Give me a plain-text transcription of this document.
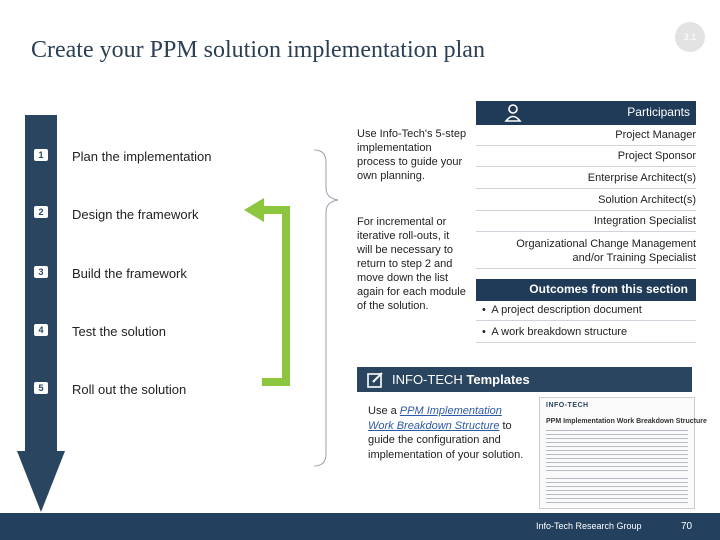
Create your PPM solution implementation plan	3.1
1	Plan the implementation
2	Design the framework
3	Build the framework
4	Test the solution
5	Roll out the solution
Use Info-Tech's 5-step implementation process to guide your own planning.
For incremental or iterative roll-outs, it will be necessary to return to step 2 and move down the list again for each module of the solution.
Participants
Project Manager
Project Sponsor
Enterprise Architect(s)
Solution Architect(s)
Integration Specialist
Organizational Change Management and/or Training Specialist
Outcomes from this section
•  A project description document
•  A work breakdown structure
INFO-TECH Templates
Use a PPM Implementation Work Breakdown Structure to guide the configuration and implementation of your solution.
INFO-TECH
PPM Implementation Work Breakdown Structure
Info-Tech Research Group	70
